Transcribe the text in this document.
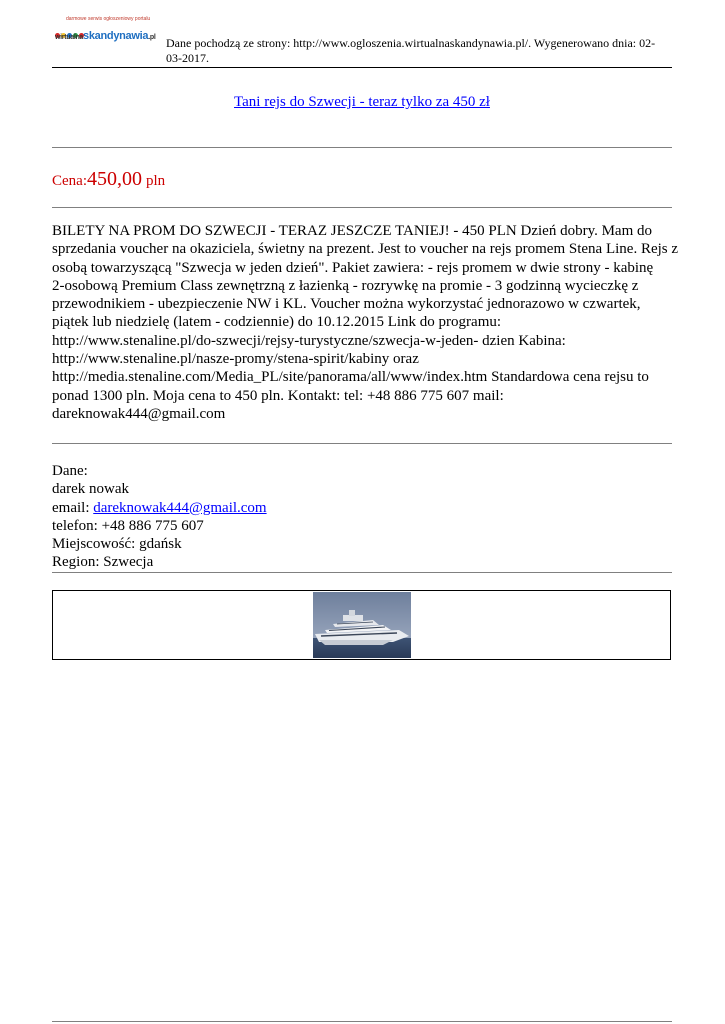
darmowe serwis ogłoszeniowy portalu
wirtualnaskandynawia.pl Dane pochodzą ze strony: http://www.ogloszenia.wirtualnaskandynawia.pl/. Wygenerowano dnia: 02-03-2017.
Tani rejs do Szwecji - teraz tylko za 450 zł
Cena:450,00 pln

BILETY NA PROM DO SZWECJI - TERAZ JESZCZE TANIEJ! - 450 PLN Dzień dobry. Mam do

sprzedania voucher na okaziciela, świetny na prezent. Jest to voucher na rejs promem Stena Line. Rejs z

osobą towarzyszącą "Szwecja w jeden dzień". Pakiet zawiera: - rejs promem w dwie strony - kabinę

2-osobową Premium Class zewnętrzną z łazienką - rozrywkę na promie - 3 godzinną wycieczkę z

przewodnikiem - ubezpieczenie NW i KL. Voucher można wykorzystać jednorazowo w czwartek,

piątek lub niedzielę (latem - codziennie) do 10.12.2015 Link do programu:

http://www.stenaline.pl/do-szwecji/rejsy-turystyczne/szwecja-w-jeden- dzien Kabina:

http://www.stenaline.pl/nasze-promy/stena-spirit/kabiny oraz

http://media.stenaline.com/Media_PL/site/panorama/all/www/index.htm Standardowa cena rejsu to

ponad 1300 pln. Moja cena to 450 pln. Kontakt: tel: +48 886 775 607 mail:

dareknowak444@gmail.com

Dane:
darek nowak
email: dareknowak444@gmail.com
telefon: +48 886 775 607
Miejscowość: gdańsk
Region: Szwecja
